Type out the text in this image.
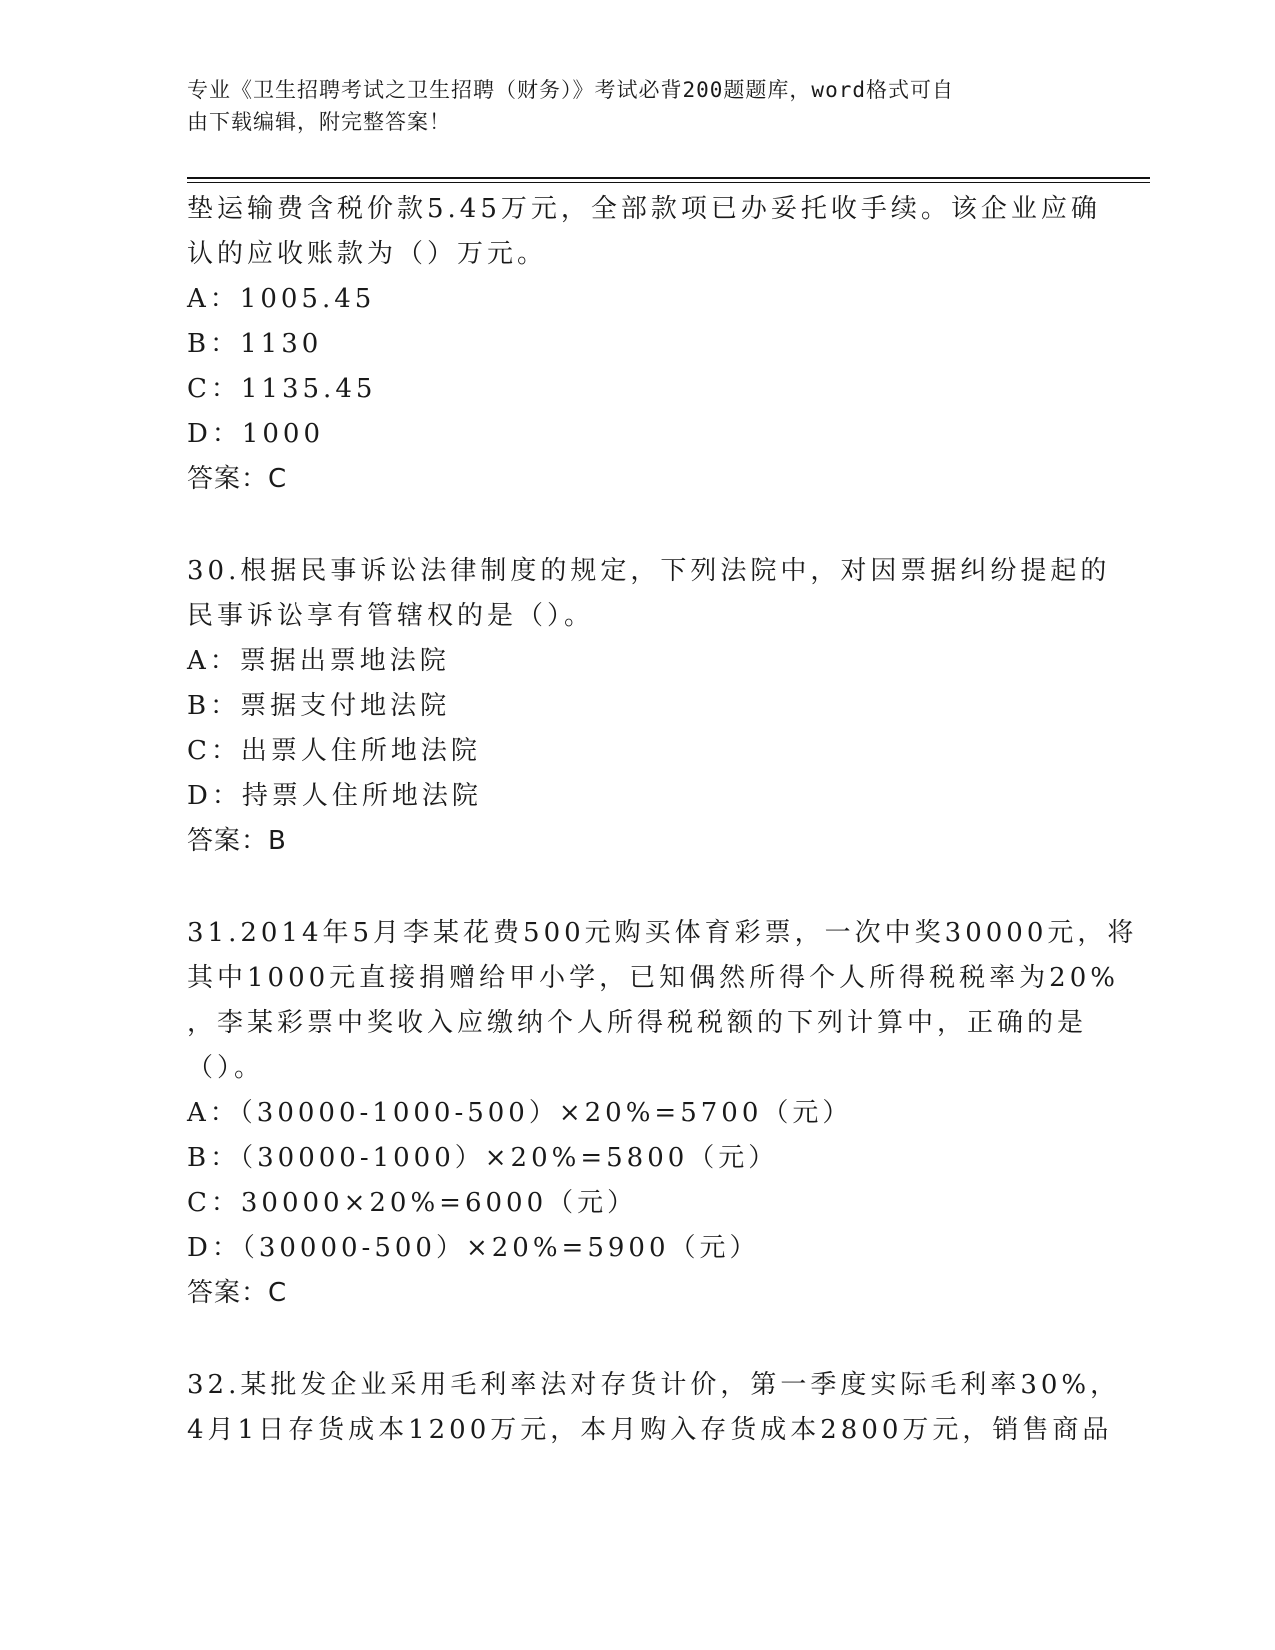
专业《卫生招聘考试之卫生招聘（财务）》考试必背200题题库，word格式可自
由下载编辑，附完整答案！
垫运输费含税价款5.45万元，全部款项已办妥托收手续。该企业应确
认的应收账款为（）万元。
A：1005.45
B：1130
C：1135.45
D：1000
答案：C
30.根据民事诉讼法律制度的规定，下列法院中，对因票据纠纷提起的
民事诉讼享有管辖权的是（）。
A：票据出票地法院
B：票据支付地法院
C：出票人住所地法院
D：持票人住所地法院
答案：B
31.2014年5月李某花费500元购买体育彩票，一次中奖30000元，将
其中1000元直接捐赠给甲小学，已知偶然所得个人所得税税率为20%
，李某彩票中奖收入应缴纳个人所得税税额的下列计算中，正确的是
（）。
A：（30000-1000-500）×20%=5700（元）
B：（30000-1000）×20%=5800（元）
C：30000×20%=6000（元）
D：（30000-500）×20%=5900（元）
答案：C
32.某批发企业采用毛利率法对存货计价，第一季度实际毛利率30%，
4月1日存货成本1200万元，本月购入存货成本2800万元，销售商品
